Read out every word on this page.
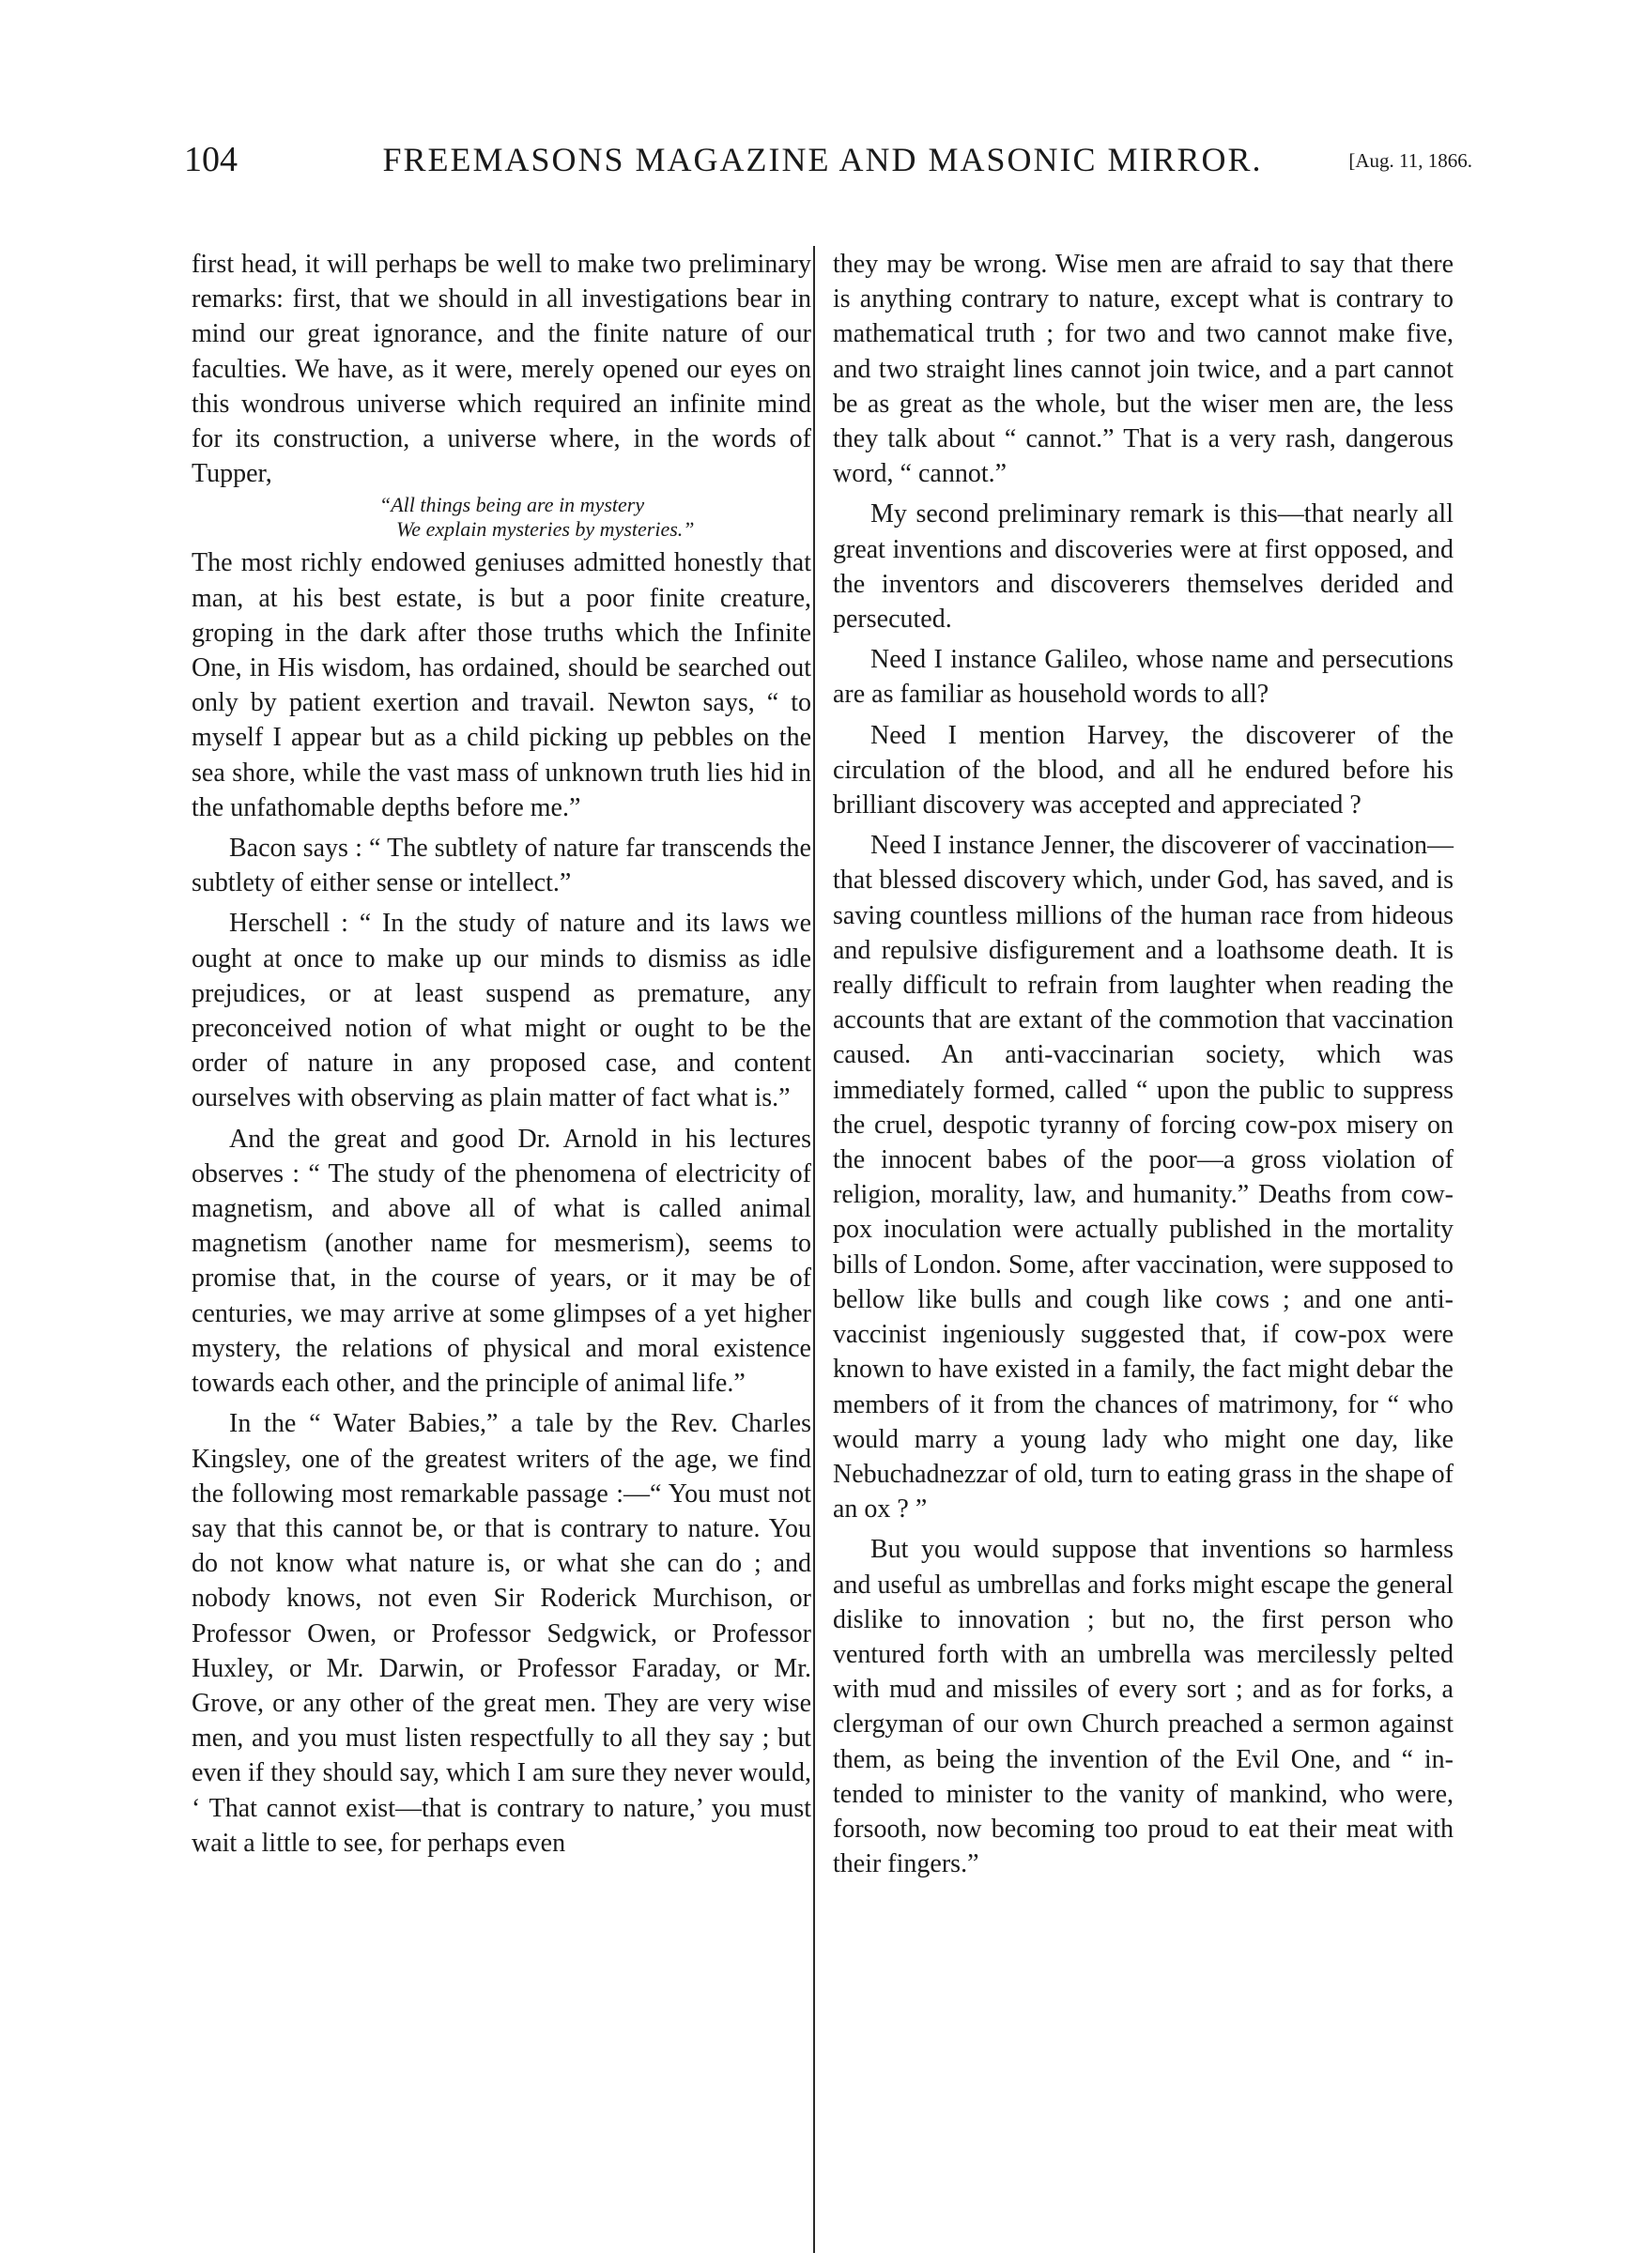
104	FREEMASONS MAGAZINE AND MASONIC MIRROR.	[Aug. 11, 1866.

first head, it will perhaps be well to make two preliminary remarks: first, that we should in all investigations bear in mind our great ignorance, and the finite nature of our faculties. We have, as it were, merely opened our eyes on this wondrous universe which required an infinite mind for its construction, a universe where, in the words of Tupper,

“All things being are in mystery
We explain mysteries by mysteries.”

The most richly endowed geniuses admitted honestly that man, at his best estate, is but a poor finite creature, groping in the dark after those truths which the Infinite One, in His wisdom, has ordained, should be searched out only by patient exertion and travail. Newton says, “ to myself I appear but as a child picking up pebbles on the sea shore, while the vast mass of unknown truth lies hid in the unfathomable depths before me.”

Bacon says : “ The subtlety of nature far transcends the subtlety of either sense or intellect.”

Herschell : “ In the study of nature and its laws we ought at once to make up our minds to dismiss as idle prejudices, or at least suspend as premature, any preconceived notion of what might or ought to be the order of nature in any proposed case, and content ourselves with observing as plain matter of fact what is.”

And the great and good Dr. Arnold in his lectures observes : “ The study of the phenomena of electricity of magnetism, and above all of what is called animal magnetism (another name for mesmerism), seems to promise that, in the course of years, or it may be of centuries, we may arrive at some glimpses of a yet higher mystery, the relations of physical and moral existence towards each other, and the principle of animal life.”

In the “ Water Babies,” a tale by the Rev. Charles Kingsley, one of the greatest writers of the age, we find the following most remarkable passage :—“ You must not say that this cannot be, or that is contrary to nature. You do not know what nature is, or what she can do ; and nobody knows, not even Sir Roderick Murchison, or Professor Owen, or Professor Sedgwick, or Professor Huxley, or Mr. Darwin, or Professor Faraday, or Mr. Grove, or any other of the great men. They are very wise men, and you must listen respectfully to all they say ; but even if they should say, which I am sure they never would, ‘ That cannot exist—that is contrary to nature,’ you must wait a little to see, for perhaps even

they may be wrong. Wise men are afraid to say that there is anything contrary to nature, except what is contrary to mathematical truth ; for two and two cannot make five, and two straight lines cannot join twice, and a part cannot be as great as the whole, but the wiser men are, the less they talk about “ cannot.” That is a very rash, dangerous word, “ cannot.”

My second preliminary remark is this—that nearly all great inventions and discoveries were at first opposed, and the inventors and discoverers themselves derided and persecuted.

Need I instance Galileo, whose name and persecutions are as familiar as household words to all?

Need I mention Harvey, the discoverer of the circulation of the blood, and all he endured before his brilliant discovery was accepted and appreciated ?

Need I instance Jenner, the discoverer of vaccination—that blessed discovery which, under God, has saved, and is saving countless millions of the human race from hideous and repulsive disfigurement and a loathsome death. It is really difficult to refrain from laughter when reading the accounts that are extant of the commotion that vaccination caused. An anti-vaccinarian society, which was immediately formed, called “ upon the public to suppress the cruel, despotic tyranny of forcing cow-pox misery on the innocent babes of the poor—a gross violation of religion, morality, law, and humanity.” Deaths from cow-pox inoculation were actually published in the mortality bills of London. Some, after vaccination, were supposed to bellow like bulls and cough like cows ; and one anti-vaccinist ingeniously suggested that, if cow-pox were known to have existed in a family, the fact might debar the members of it from the chances of matrimony, for “ who would marry a young lady who might one day, like Nebuchadnezzar of old, turn to eating grass in the shape of an ox ? ”

But you would suppose that inventions so harmless and useful as umbrellas and forks might escape the general dislike to innovation ; but no, the first person who ventured forth with an umbrella was mercilessly pelted with mud and missiles of every sort ; and as for forks, a clergyman of our own Church preached a sermon against them, as being the invention of the Evil One, and “ intended to minister to the vanity of mankind, who were, forsooth, now becoming too proud to eat their meat with their fingers.”
